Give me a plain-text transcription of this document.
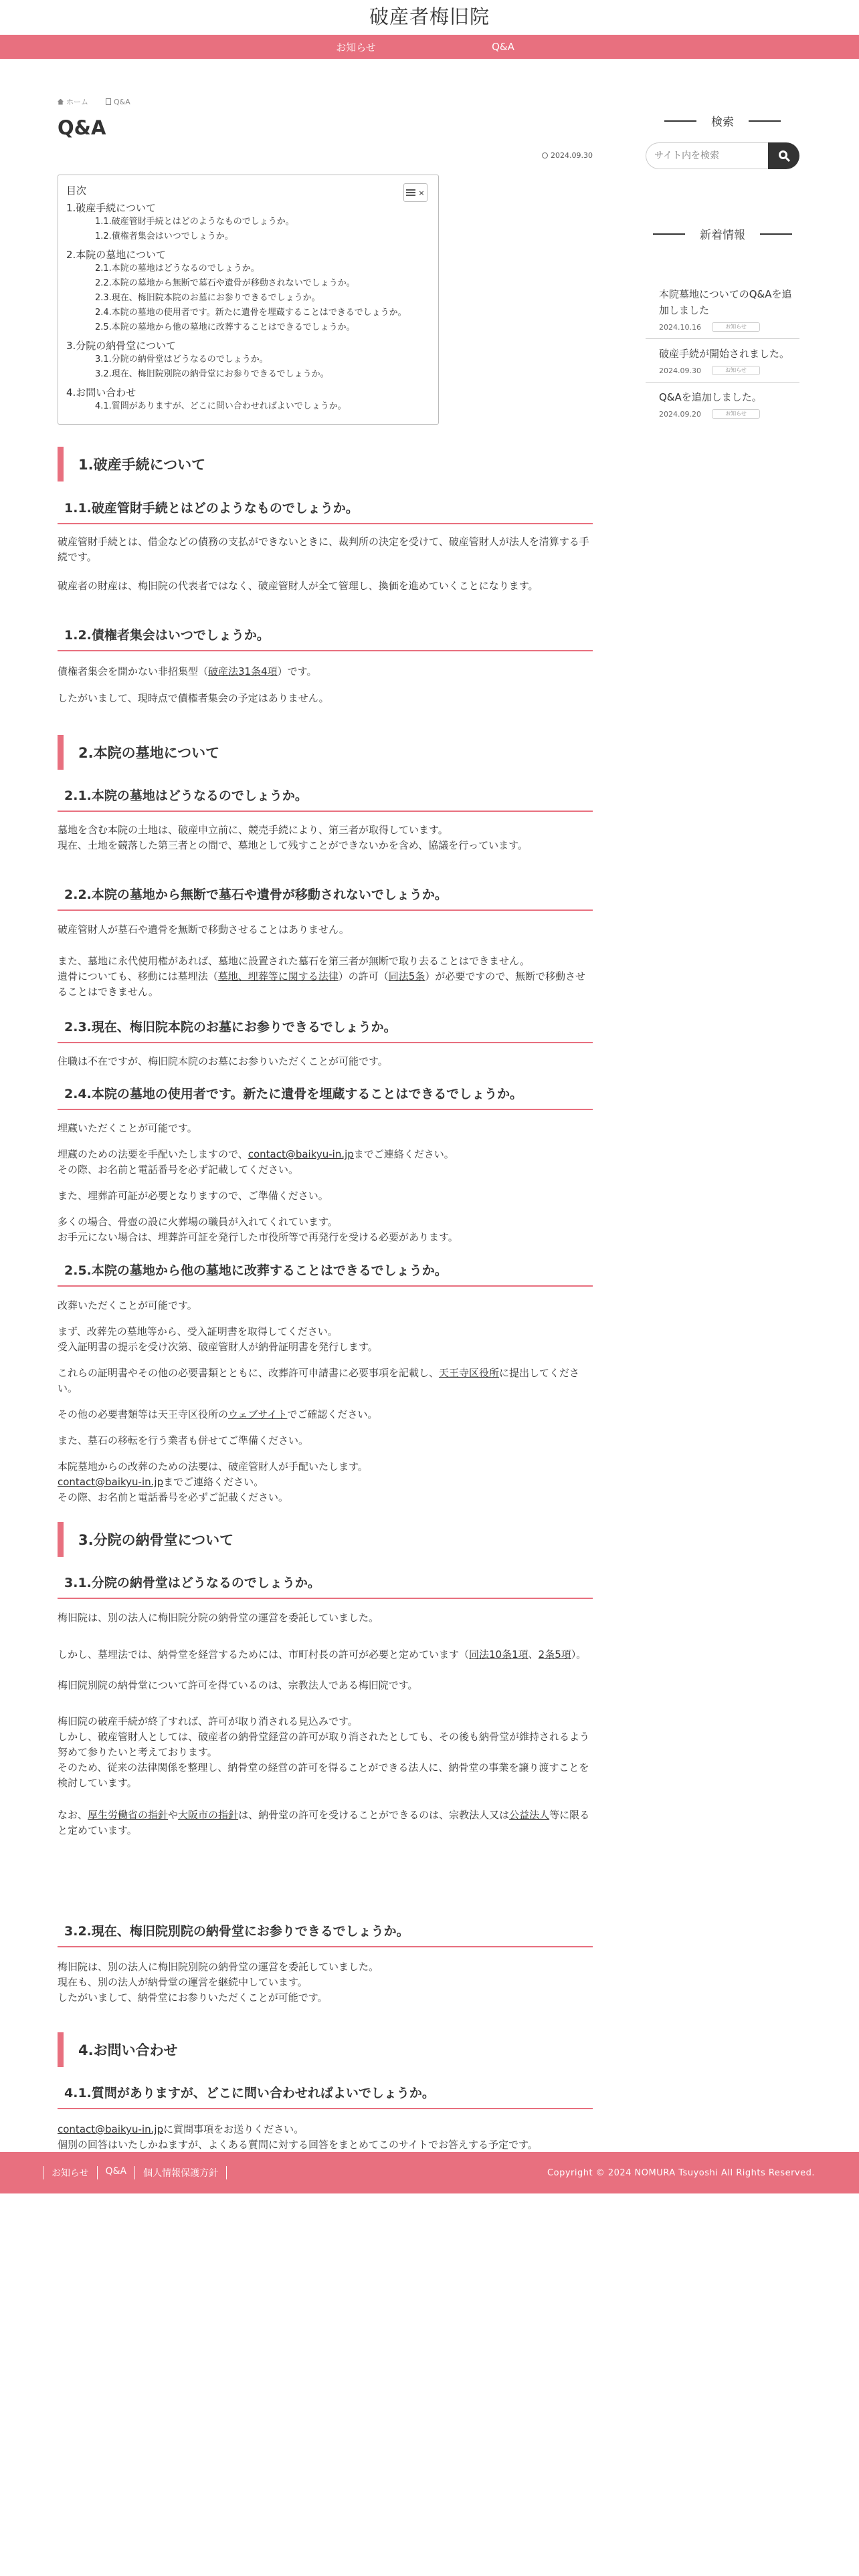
破産者梅旧院
お知らせ	Q&A
ホーム	Q&A
Q&A
2024.09.30
目次	×
1.破産手続について
1.1.破産管財手続とはどのようなものでしょうか。
1.2.債権者集会はいつでしょうか。
2.本院の墓地について
2.1.本院の墓地はどうなるのでしょうか。
2.2.本院の墓地から無断で墓石や遺骨が移動されないでしょうか。
2.3.現在、梅旧院本院のお墓にお参りできるでしょうか。
2.4.本院の墓地の使用者です。新たに遺骨を埋蔵することはできるでしょうか。
2.5.本院の墓地から他の墓地に改葬することはできるでしょうか。
3.分院の納骨堂について
3.1.分院の納骨堂はどうなるのでしょうか。
3.2.現在、梅旧院別院の納骨堂にお参りできるでしょうか。
4.お問い合わせ
4.1.質問がありますが、どこに問い合わせればよいでしょうか。
1.破産手続について
1.1.破産管財手続とはどのようなものでしょうか。
破産管財手続とは、借金などの債務の支払ができないときに、裁判所の決定を受けて、破産管財人が法人を清算する手続です。
破産者の財産は、梅旧院の代表者ではなく、破産管財人が全て管理し、換価を進めていくことになります。
1.2.債権者集会はいつでしょうか。
債権者集会を開かない非招集型（破産法31条4項）です。
したがいまして、現時点で債権者集会の予定はありません。
2.本院の墓地について
2.1.本院の墓地はどうなるのでしょうか。
墓地を含む本院の土地は、破産申立前に、競売手続により、第三者が取得しています。
現在、土地を競落した第三者との間で、墓地として残すことができないかを含め、協議を行っています。
2.2.本院の墓地から無断で墓石や遺骨が移動されないでしょうか。
破産管財人が墓石や遺骨を無断で移動させることはありません。
また、墓地に永代使用権があれば、墓地に設置された墓石を第三者が無断で取り去ることはできません。
遺骨についても、移動には墓埋法（墓地、埋葬等に関する法律）の許可（同法5条）が必要ですので、無断で移動させることはできません。
2.3.現在、梅旧院本院のお墓にお参りできるでしょうか。
住職は不在ですが、梅旧院本院のお墓にお参りいただくことが可能です。
2.4.本院の墓地の使用者です。新たに遺骨を埋蔵することはできるでしょうか。
埋蔵いただくことが可能です。
埋蔵のための法要を手配いたしますので、contact@baikyu-in.jpまでご連絡ください。
その際、お名前と電話番号を必ず記載してください。
また、埋葬許可証が必要となりますので、ご準備ください。
多くの場合、骨壺の設に火葬場の職員が入れてくれています。
お手元にない場合は、埋葬許可証を発行した市役所等で再発行を受ける必要があります。
2.5.本院の墓地から他の墓地に改葬することはできるでしょうか。
改葬いただくことが可能です。
まず、改葬先の墓地等から、受入証明書を取得してください。
受入証明書の提示を受け次第、破産管財人が納骨証明書を発行します。
これらの証明書やその他の必要書類とともに、改葬許可申請書に必要事項を記載し、天王寺区役所に提出してください。
その他の必要書類等は天王寺区役所のウェブサイトでご確認ください。
また、墓石の移転を行う業者も併せてご準備ください。
本院墓地からの改葬のための法要は、破産管財人が手配いたします。
contact@baikyu-in.jpまでご連絡ください。
その際、お名前と電話番号を必ずご記載ください。
3.分院の納骨堂について
3.1.分院の納骨堂はどうなるのでしょうか。
梅旧院は、別の法人に梅旧院分院の納骨堂の運営を委託していました。
しかし、墓埋法では、納骨堂を経営するためには、市町村長の許可が必要と定めています（同法10条1項、2条5項）。
梅旧院別院の納骨堂について許可を得ているのは、宗教法人である梅旧院です。
梅旧院の破産手続が終了すれば、許可が取り消される見込みです。
しかし、破産管財人としては、破産者の納骨堂経営の許可が取り消されたとしても、その後も納骨堂が維持されるよう努めて参りたいと考えております。
そのため、従来の法律関係を整理し、納骨堂の経営の許可を得ることができる法人に、納骨堂の事業を譲り渡すことを検討しています。
なお、厚生労働省の指針や大阪市の指針は、納骨堂の許可を受けることができるのは、宗教法人又は公益法人等に限ると定めています。
3.2.現在、梅旧院別院の納骨堂にお参りできるでしょうか。
梅旧院は、別の法人に梅旧院別院の納骨堂の運営を委託していました。
現在も、別の法人が納骨堂の運営を継続中しています。
したがいまして、納骨堂にお参りいただくことが可能です。
4.お問い合わせ
4.1.質問がありますが、どこに問い合わせればよいでしょうか。
contact@baikyu-in.jpに質問事項をお送りください。
個別の回答はいたしかねますが、よくある質問に対する回答をまとめてこのサイトでお答えする予定です。
検索
サイト内を検索
新着情報
本院墓地についてのQ&Aを追加しました
2024.10.16	お知らせ
破産手続が開始されました。
2024.09.30	お知らせ
Q&Aを追加しました。
2024.09.20	お知らせ
お知らせ	Q&A	個人情報保護方針	Copyright © 2024 NOMURA Tsuyoshi All Rights Reserved.
